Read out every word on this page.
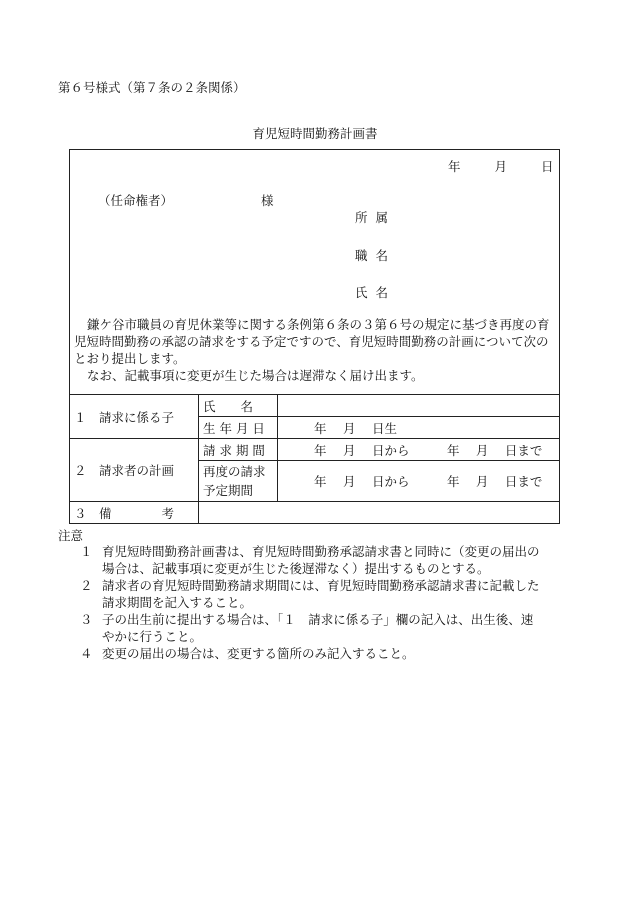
第６号様式（第７条の２条関係）
育児短時間勤務計画書
年	月	日
（任命権者）	様
所属
職名
氏名
鎌ケ谷市職員の育児休業等に関する条例第６条の３第６号の規定に基づき再度の育児短時間勤務の承認の請求をする予定ですので、育児短時間勤務の計画について次のとおり提出します。
なお、記載事項に変更が生じた場合は遅滞なく届け出ます。
１　請求に係る子	氏　　名	
	生 年 月 日	年　 月　 日生
２　請求者の計画	請 求 期 間	年　 月　 日から　　　年　 月　 日まで

	再度の請求
予定期間	年　 月　 日から　　　年　 月　 日まで
３　備　　　　考		
注意
１ 育児短時間勤務計画書は、育児短時間勤務承認請求書と同時に（変更の届出の
場合は、記載事項に変更が生じた後遅滞なく）提出するものとする。
２ 請求者の育児短時間勤務請求期間には、育児短時間勤務承認請求書に記載した
請求期間を記入すること。
３ 子の出生前に提出する場合は、「１　請求に係る子」欄の記入は、出生後、速
やかに行うこと。
４ 変更の届出の場合は、変更する箇所のみ記入すること。
